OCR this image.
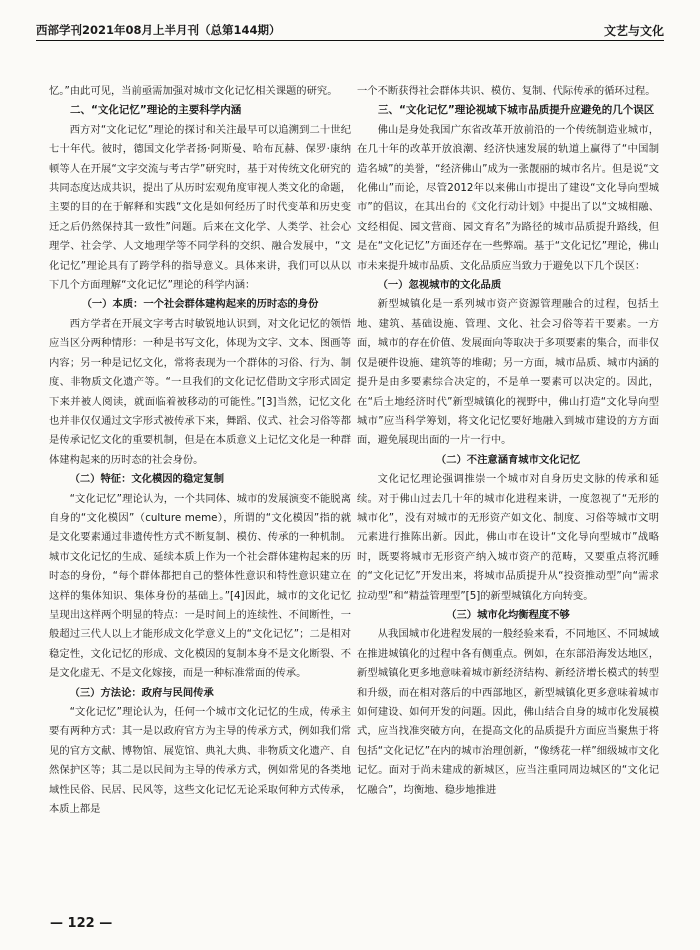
西部学刊2021年08月上半月刊（总第144期）	文艺与文化

忆。”由此可见，当前亟需加强对城市文化记忆相关课题的研究。

二、“文化记忆”理论的主要科学内涵

西方对“文化记忆”理论的探讨和关注最早可以追溯到二十世纪七十年代。彼时，德国文化学者扬·阿斯曼、哈布瓦赫、保罗·康纳顿等人在开展“文字交流与考古学”研究时，基于对传统文化研究的共同态度达成共识，提出了从历时宏观角度审视人类文化的命题，主要的目的在于解释和实践“文化是如何经历了时代变革和历史变迁之后仍然保持其一致性”问题。后来在文化学、人类学、社会心理学、社会学、人文地理学等不同学科的交织、融合发展中，“文化记忆”理论具有了跨学科的指导意义。具体来讲，我们可以从以下几个方面理解“文化记忆”理论的科学内涵：

（一）本质：一个社会群体建构起来的历时态的身份

西方学者在开展文字考古时敏锐地认识到，对文化记忆的领悟应当区分两种情形：一种是书写文化，体现为文字、文本、图画等内容；另一种是记忆文化，常将表现为一个群体的习俗、行为、制度、非物质文化遗产等。“一旦我们的文化记忆借助文字形式固定下来并被人阅读，就面临着被移动的可能性。”[3]当然，记忆文化也并非仅仅通过文字形式被传承下来，舞蹈、仪式、社会习俗等都是传承记忆文化的重要机制，但是在本质意义上记忆文化是一种群体建构起来的历时态的社会身份。

（二）特征：文化模因的稳定复制

“文化记忆”理论认为，一个共同体、城市的发展演变不能脱离自身的“文化模因”（culture meme），所谓的“文化模因”指的就是文化要素通过非遗传性方式不断复制、模仿、传承的一种机制。城市文化记忆的生成、延续本质上作为一个社会群体建构起来的历时态的身份，“每个群体都把自己的整体性意识和特性意识建立在这样的集体知识、集体身份的基础上。”[4]因此，城市的文化记忆呈现出这样两个明显的特点：一是时间上的连续性、不间断性，一般超过三代人以上才能形成文化学意义上的“文化记忆”；二是相对稳定性，文化记忆的形成、文化模因的复制本身不是文化断裂、不是文化虚无、不是文化嫁接，而是一种标准常面的传承。

（三）方法论：政府与民间传承

“文化记忆”理论认为，任何一个城市文化记忆的生成，传承主要有两种方式：其一是以政府官方为主导的传承方式，例如我们常见的官方文献、博物馆、展览馆、典礼大典、非物质文化遗产、自然保护区等；其二是以民间为主导的传承方式，例如常见的各类地域性民俗、民居、民风等，这些文化记忆无论采取何种方式传承，本质上都是

一个不断获得社会群体共识、模仿、复制、代际传承的循环过程。

三、“文化记忆”理论视域下城市品质提升应避免的几个误区

佛山是身处我国广东省改革开放前沿的一个传统制造业城市，在几十年的改革开放浪潮、经济快速发展的轨道上赢得了“中国制造名城”的美誉，“经济佛山”成为一张靓丽的城市名片。但是说“文化佛山”而论，尽管2012年以来佛山市提出了建设“文化导向型城市”的倡议，在其出台的《文化行动计划》中提出了以“文城相融、文经相促、园文营商、园文育名”为路径的城市品质提升路线，但是在“文化记忆”方面还存在一些弊端。基于“文化记忆”理论，佛山市未来提升城市品质、文化品质应当致力于避免以下几个误区：

（一）忽视城市的文化品质

新型城镇化是一系列城市资产资源管理融合的过程，包括土地、建筑、基础设施、管理、文化、社会习俗等若干要素。一方面，城市的存在价值、发展面向等取决于多项要素的集合，而非仅仅是硬件设施、建筑等的堆砌；另一方面，城市品质、城市内涵的提升是由多要素综合决定的，不是单一要素可以决定的。因此，在“后土地经济时代”新型城镇化的视野中，佛山打造“文化导向型城市”应当科学筹划，将文化记忆要好地融入到城市建设的方方面面，避免展现出面的一片一行中。

（二）不注意涵育城市文化记忆

文化记忆理论强调推崇一个城市对自身历史文脉的传承和延续。对于佛山过去几十年的城市化进程来讲，一度忽视了“无形的城市化”，没有对城市的无形资产如文化、制度、习俗等城市文明元素进行推陈出新。因此，佛山市在设计“文化导向型城市”战略时，既要将城市无形资产纳入城市资产的范畴，又要重点将沉睡的“文化记忆”开发出来，将城市品质提升从“投资推动型”向“需求拉动型”和“精益管理型”[5]的新型城镇化方向转变。

（三）城市化均衡程度不够

从我国城市化进程发展的一般经验来看，不同地区、不同城域在推进城镇化的过程中各有侧重点。例如，在东部沿海发达地区，新型城镇化更多地意味着城市新经济结构、新经济增长模式的转型和升级，而在相对落后的中西部地区，新型城镇化更多意味着城市如何建设、如何开发的问题。因此，佛山结合自身的城市化发展模式，应当找准突破方向，在提高文化的品质提升方面应当聚焦于将包括“文化记忆”在内的城市治理创新，“像绣花一样”细级城市文化记忆。面对于尚未建成的新城区，应当注重同周边城区的“文化记忆融合”，均衡地、稳步地推进

— 122 —
